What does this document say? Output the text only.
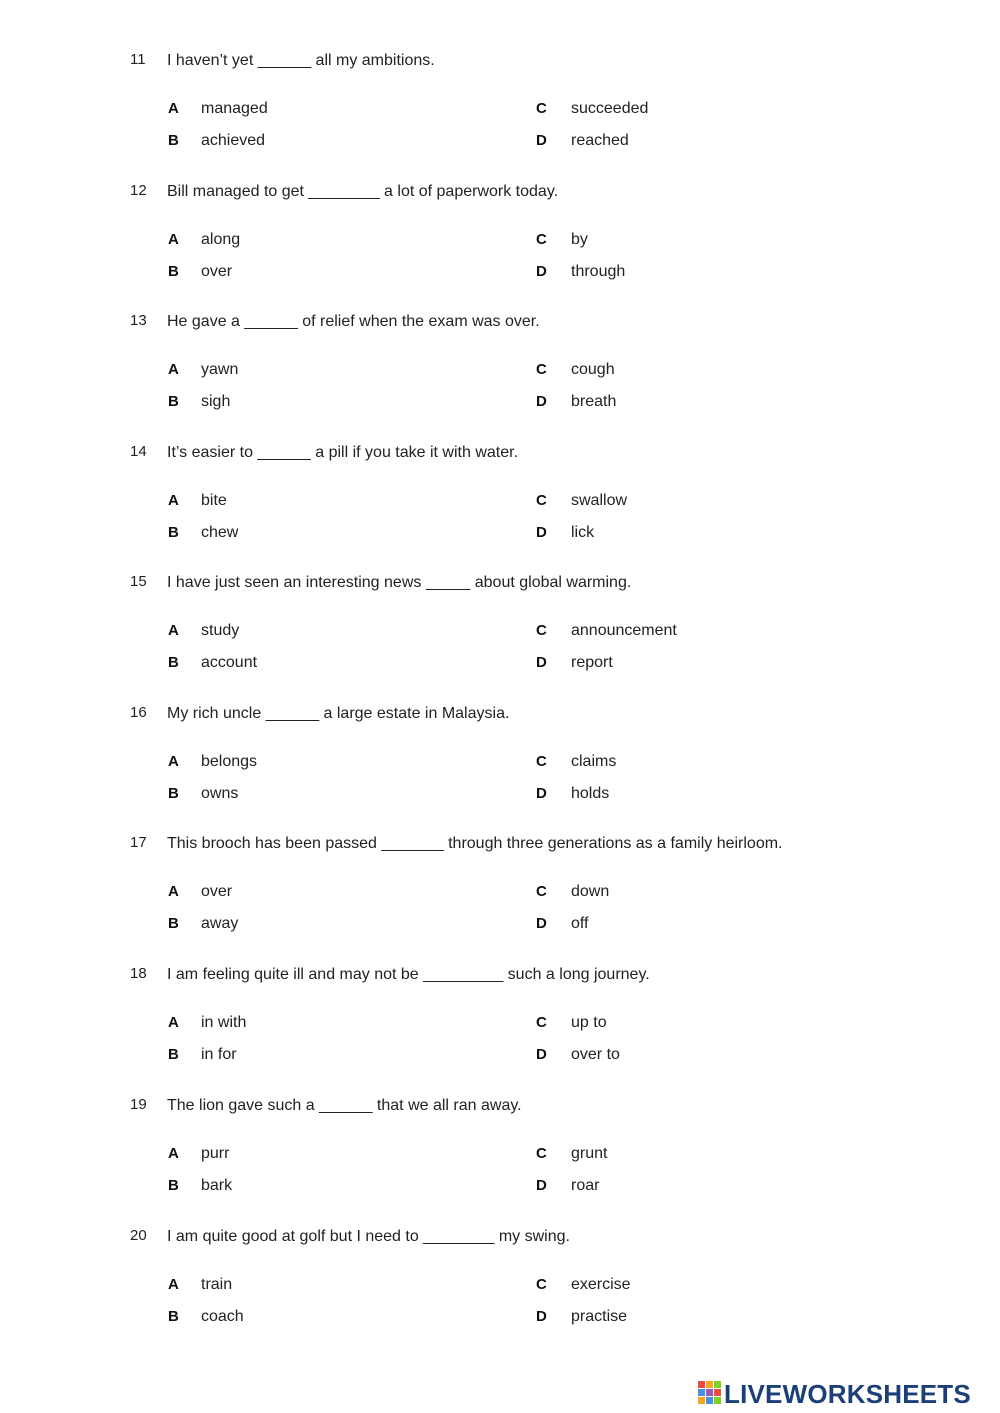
11 I haven’t yet ______ all my ambitions.
A managed
B achieved
C succeeded
D reached
12 Bill managed to get ________ a lot of paperwork today.
A along
B over
C by
D through
13 He gave a ______ of relief when the exam was over.
A yawn
B sigh
C cough
D breath
14 It’s easier to ______ a pill if you take it with water.
A bite
B chew
C swallow
D lick
15 I have just seen an interesting news _____ about global warming.
A study
B account
C announcement
D report
16 My rich uncle ______ a large estate in Malaysia.
A belongs
B owns
C claims
D holds
17 This brooch has been passed _______ through three generations as a family heirloom.
A over
B away
C down
D off
18 I am feeling quite ill and may not be _________ such a long journey.
A in with
B in for
C up to
D over to
19 The lion gave such a ______ that we all ran away.
A purr
B bark
C grunt
D roar
20 I am quite good at golf but I need to ________ my swing.
A train
B coach
C exercise
D practise
LIVEWORKSHEETS
